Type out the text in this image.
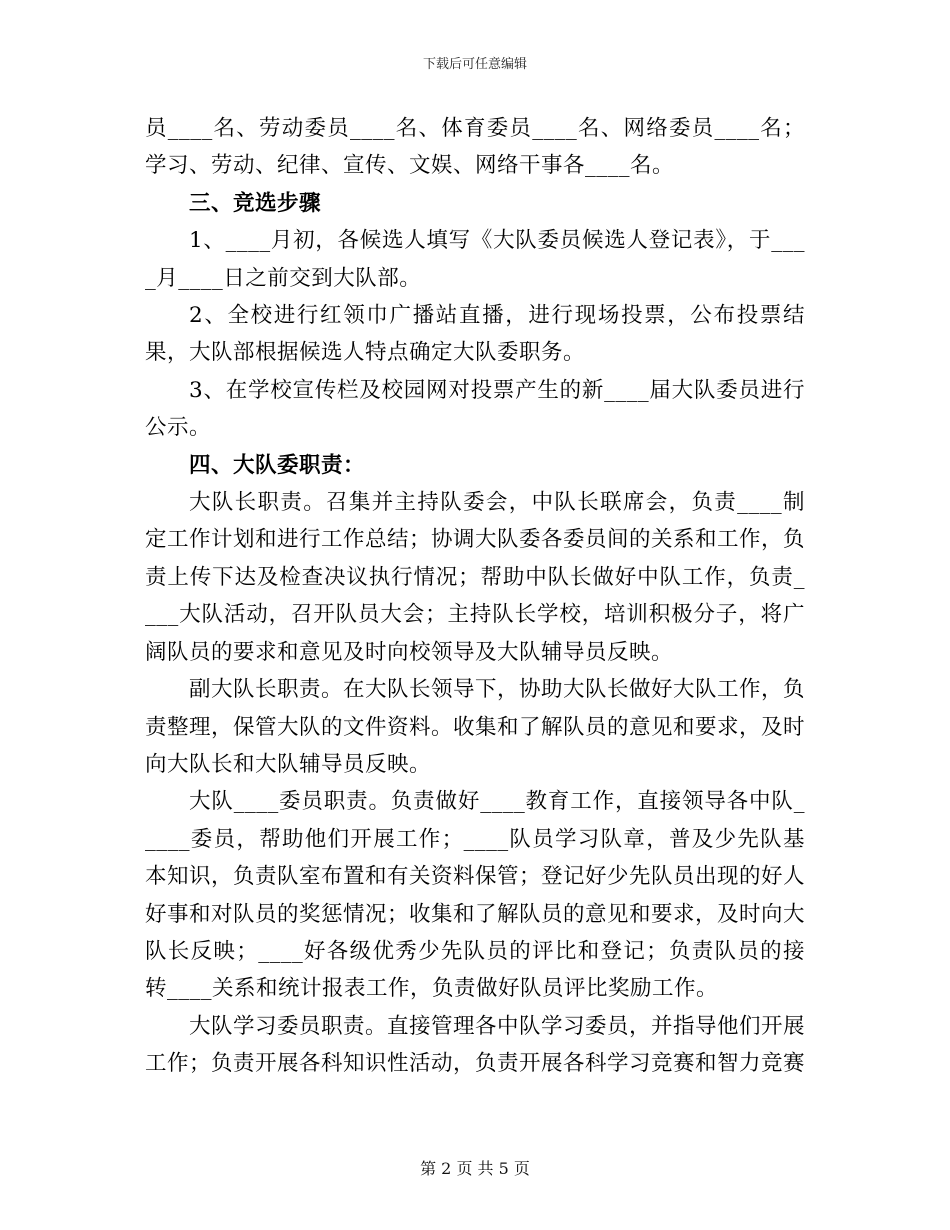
下载后可任意编辑

员____名、劳动委员____名、体育委员____名、网络委员____名；学习、劳动、纪律、宣传、文娱、网络干事各____名。

三、竞选步骤

1、____月初，各候选人填写《大队委员候选人登记表》，于____月____日之前交到大队部。

2、全校进行红领巾广播站直播，进行现场投票，公布投票结果，大队部根据候选人特点确定大队委职务。

3、在学校宣传栏及校园网对投票产生的新____届大队委员进行公示。

四、大队委职责：

大队长职责。召集并主持队委会，中队长联席会，负责____制定工作计划和进行工作总结；协调大队委各委员间的关系和工作，负责上传下达及检查决议执行情况；帮助中队长做好中队工作，负责____大队活动，召开队员大会；主持队长学校，培训积极分子，将广阔队员的要求和意见及时向校领导及大队辅导员反映。

副大队长职责。在大队长领导下，协助大队长做好大队工作，负责整理，保管大队的文件资料。收集和了解队员的意见和要求，及时向大队长和大队辅导员反映。

大队____委员职责。负责做好____教育工作，直接领导各中队_____委员，帮助他们开展工作；____队员学习队章，普及少先队基本知识，负责队室布置和有关资料保管；登记好少先队员出现的好人好事和对队员的奖惩情况；收集和了解队员的意见和要求，及时向大队长反映；____好各级优秀少先队员的评比和登记；负责队员的接转____关系和统计报表工作，负责做好队员评比奖励工作。

大队学习委员职责。直接管理各中队学习委员，并指导他们开展工作；负责开展各科知识性活动，负责开展各科学习竞赛和智力竞赛

第 2 页 共 5 页
